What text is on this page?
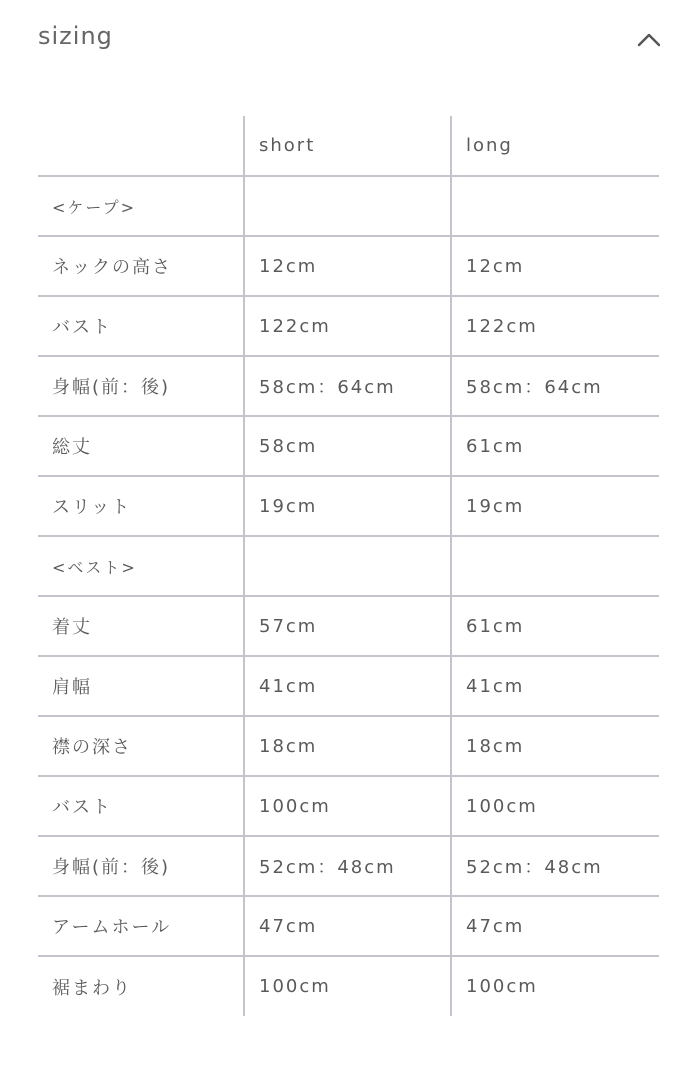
sizing
	short	long
<ケープ>		
ネックの高さ	12cm	12cm
バスト	122cm	122cm
身幅(前：後)	58cm：64cm	58cm：64cm
総丈	58cm	61cm
スリット	19cm	19cm
<ベスト>		
着丈	57cm	61cm
肩幅	41cm	41cm
襟の深さ	18cm	18cm
バスト	100cm	100cm
身幅(前：後)	52cm：48cm	52cm：48cm
アームホール	47cm	47cm
裾まわり	100cm	100cm
